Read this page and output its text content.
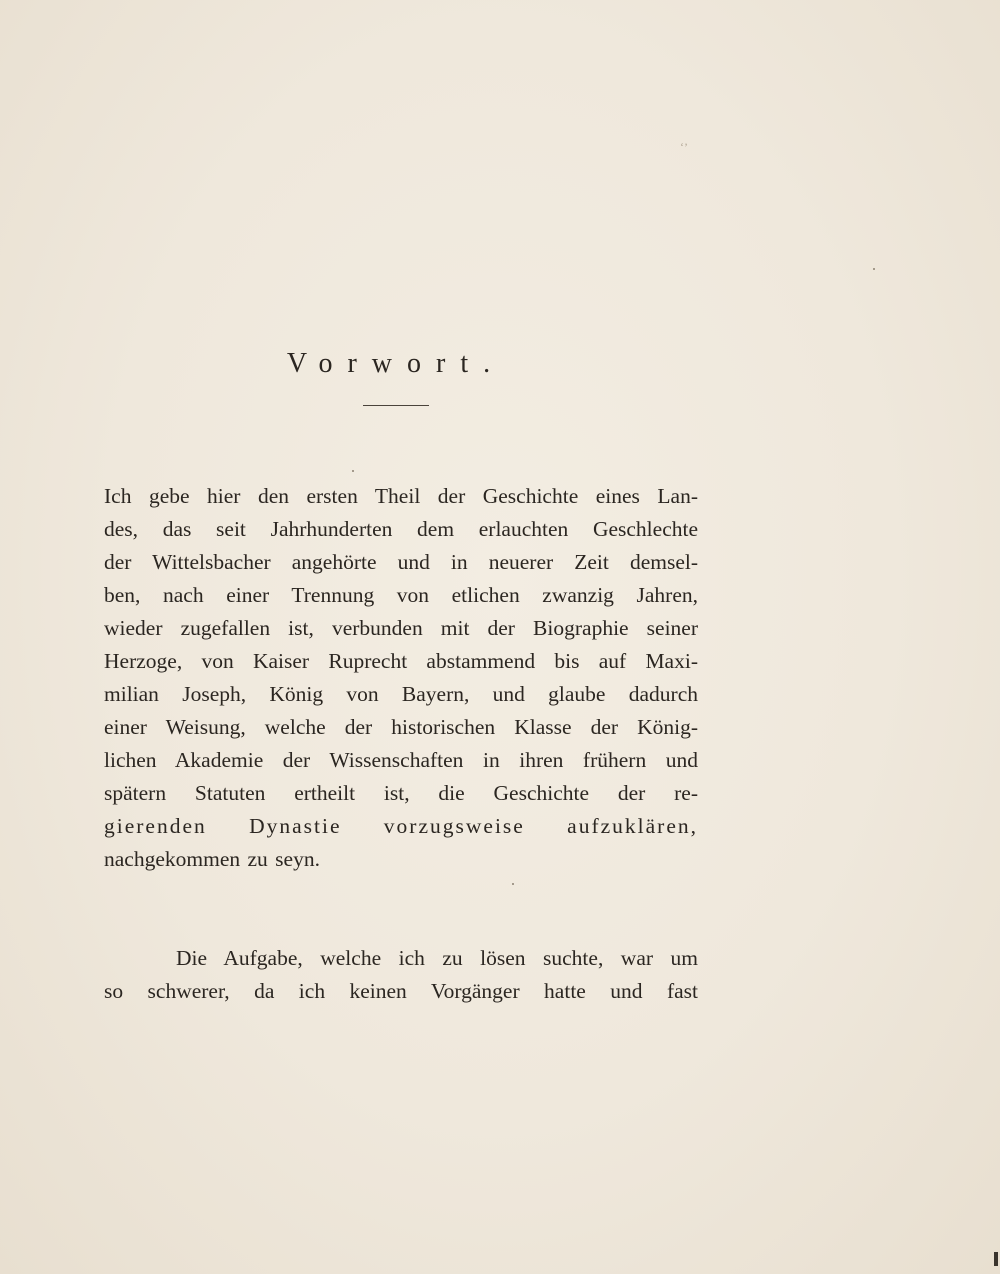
Vorwort.
‘’
Ich gebe hier den ersten Theil der Geschichte eines Lan-
des, das seit Jahrhunderten dem erlauchten Geschlechte
der Wittelsbacher angehörte und in neuerer Zeit demsel-
ben, nach einer Trennung von etlichen zwanzig Jahren,
wieder zugefallen ist, verbunden mit der Biographie seiner
Herzoge, von Kaiser Ruprecht abstammend bis auf Maxi-
milian Joseph, König von Bayern, und glaube dadurch
einer Weisung, welche der historischen Klasse der König-
lichen Akademie der Wissenschaften in ihren frühern und
spätern Statuten ertheilt ist, die Geschichte der re-
gierenden Dynastie vorzugsweise aufzuklären,
nachgekommen zu seyn.
Die Aufgabe, welche ich zu lösen suchte, war um
so schwerer, da ich keinen Vorgänger hatte und fast
